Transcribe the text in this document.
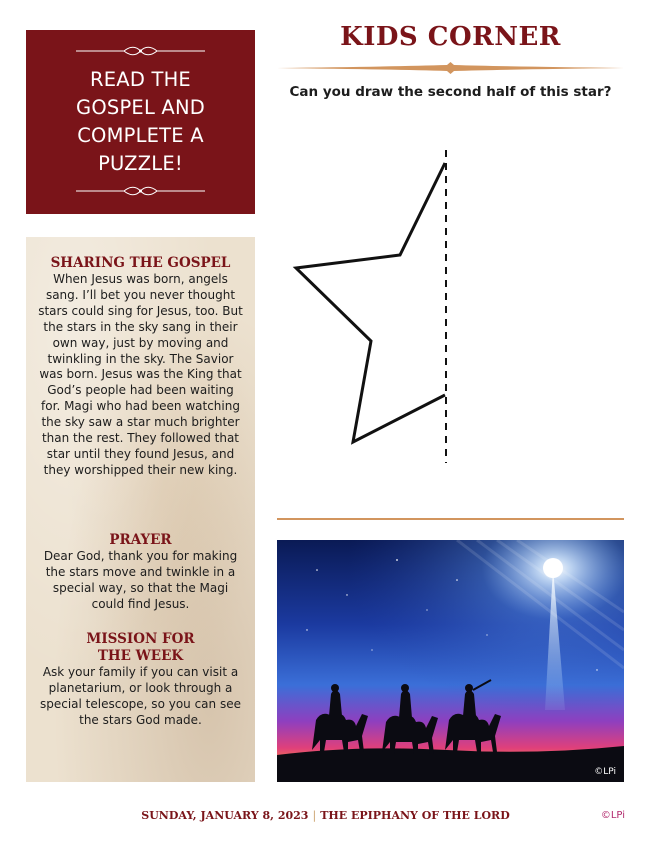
READ THE
GOSPEL AND
COMPLETE A
PUZZLE!
SHARING THE GOSPEL

When Jesus was born, angels sang. I’ll bet you never thought stars could sing for Jesus, too. But the stars in the sky sang in their own way, just by moving and twinkling in the sky. The Savior was born. Jesus was the King that God’s people had been waiting for. Magi who had been watching the sky saw a star much brighter than the rest. They followed that star until they found Jesus, and they worshipped their new king.

PRAYER

Dear God, thank you for making the stars move and twinkle in a special way, so that the Magi could find Jesus.

MISSION FOR THE WEEK

Ask your family if you can visit a planetarium, or look through a special telescope, so you can see the stars God made.

KIDS CORNER
Can you draw the second half of this star?
©LPi
SUNDAY, JANUARY 8, 2023 | THE EPIPHANY OF THE LORD	©LPi
